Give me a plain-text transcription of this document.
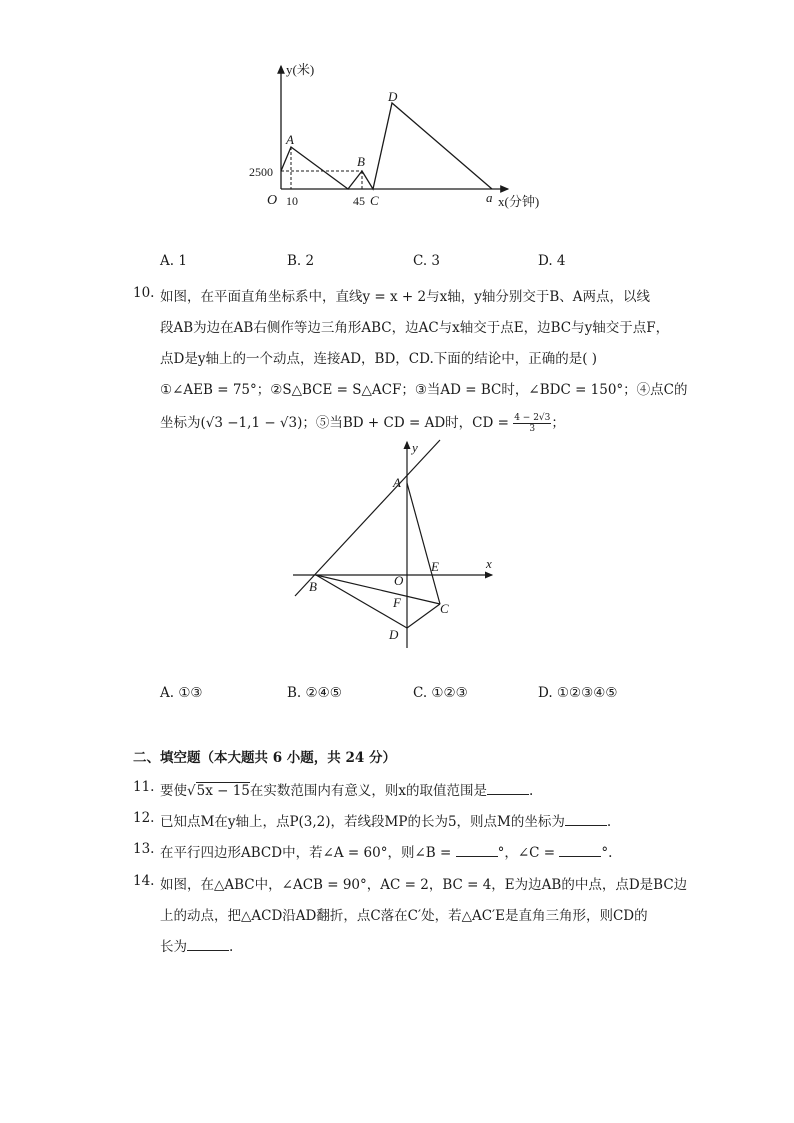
y(米)
x(分钟)
O
A
B
C
D
a
2500
10	45
A. 1	B. 2	C. 3	D. 4
10. 如图，在平面直角坐标系中，直线y = x + 2与x轴，y轴分别交于B、A两点，以线
段AB为边在AB右侧作等边三角形ABC，边AC与x轴交于点E，边BC与y轴交于点F，
点D是y轴上的一个动点，连接AD，BD，CD.下面的结论中，正确的是( )
①∠AEB = 75°；②S△BCE = S△ACF；③当AD = BC时，∠BDC = 150°；④点C的
坐标为(√3 −1,1 − √3)；⑤当BD + CD = AD时，CD = $\frac{4 - 2√3}{3}$ ；
y
A
x
E
O
B
F	C
D
A. ①③	B. ②④⑤	C. ①②③	D. ①②③④⑤
二、填空题（本大题共 6 小题，共 24 分）
11. 要使√5x − 15在实数范围内有意义，则x的取值范围是	.
12. 已知点M在y轴上，点P(3,2)，若线段MP的长为5，则点M的坐标为	.
13. 在平行四边形ABCD中，若∠A = 60°，则∠B =	°，∠C =	°.
14. 如图，在△ABC中，∠ACB = 90°，AC = 2，BC = 4，E为边AB的中点，点D是BC边
上的动点，把△ACD沿AD翻折，点C落在C′处，若△AC′E是直角三角形，则CD的
长为	.
